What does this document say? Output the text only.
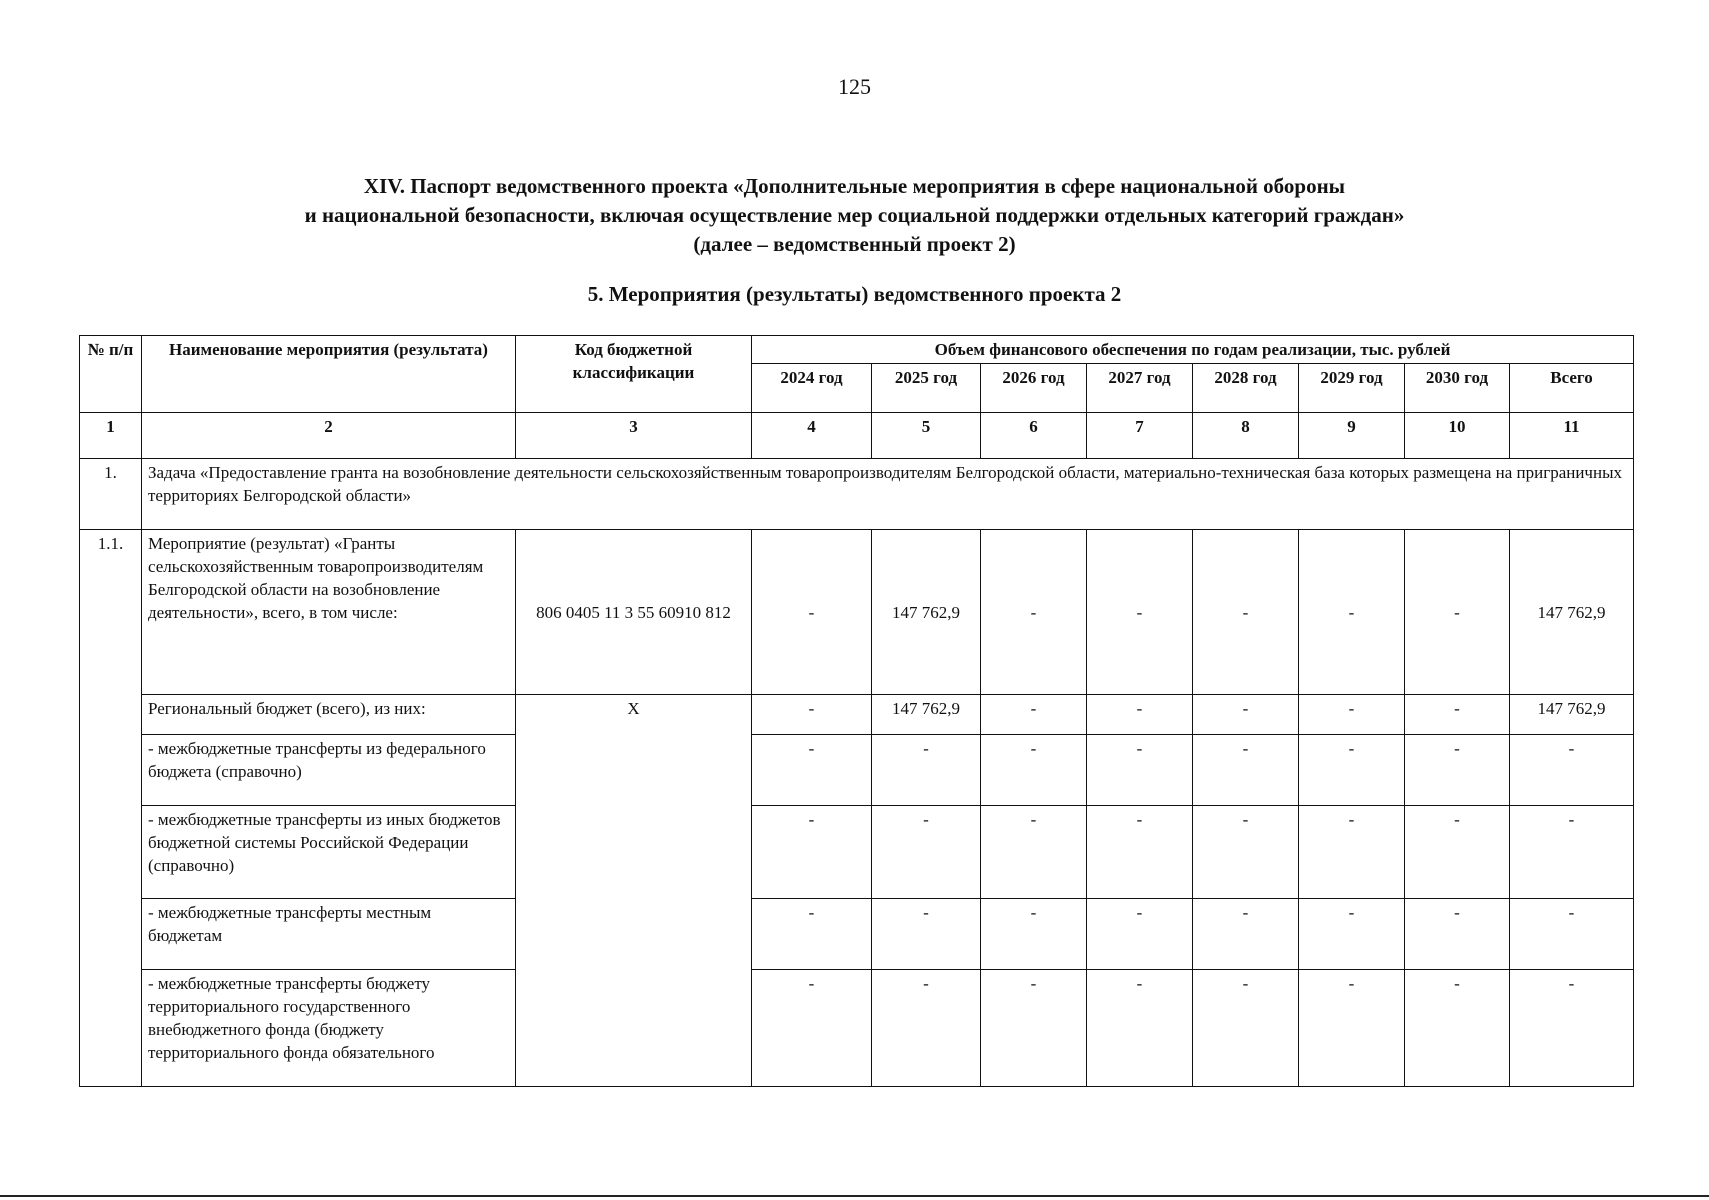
125
XIV. Паспорт ведомственного проекта «Дополнительные мероприятия в сфере национальной обороны
и национальной безопасности, включая осуществление мер социальной поддержки отдельных категорий граждан»
(далее – ведомственный проект 2)
5. Мероприятия (результаты) ведомственного проекта 2
№ п/п	Наименование мероприятия (результата)	Код бюджетной классификации	Объем финансового обеспечения по годам реализации, тыс. рублей							
			2024 год	2025 год	2026 год	2027 год	2028 год	2029 год	2030 год	Всего
1	2	3	4	5	6	7	8	9	10	11
1.	Задача «Предоставление гранта на возобновление деятельности сельскохозяйственным товаропроизводителям Белгородской области, материально-техническая база которых размещена на приграничных территориях Белгородской области»									
1.1.	Мероприятие (результат) «Гранты сельскохозяйственным товаропроизводителям Белгородской области на возобновление деятельности», всего, в том числе:	806 0405 11 3 55 60910 812	-	147 762,9	-	-	-	-	-	147 762,9
	Региональный бюджет (всего), из них:	X	-	147 762,9	-	-	-	-	-	147 762,9
	- межбюджетные трансферты из федерального бюджета (справочно)		-	-	-	-	-	-	-	-
	- межбюджетные трансферты из иных бюджетов бюджетной системы Российской Федерации (справочно)		-	-	-	-	-	-	-	-
	- межбюджетные трансферты местным бюджетам		-	-	-	-	-	-	-	-

	- межбюджетные трансферты бюджету территориального государственного внебюджетного фонда (бюджету территориального фонда обязательного		-	-	-	-	-	-	-	-
